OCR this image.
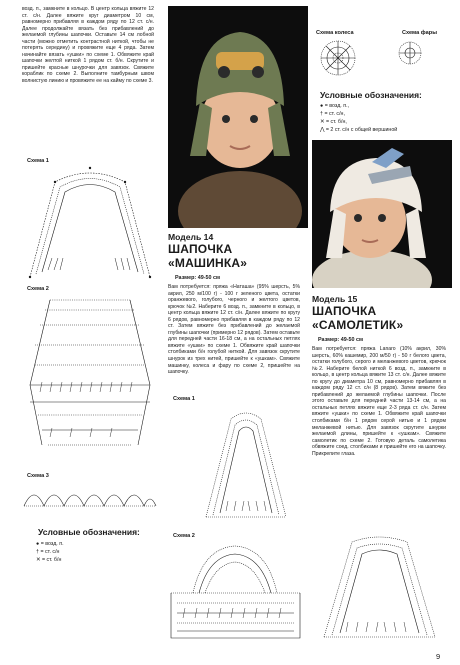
возд. п., замкните в кольцо. В центр кольца вяжите 12 ст. с/н. Далее вяжите круг диаметром 10 см, равномерно прибавляя в каждом ряду по 12 ст. с/н. Далее продолжайте вязать без прибавлений до желаемой глубины шапочки. Оставьте 14 см лобной части (можно отметить контрастной ниткой, чтобы не потерять середину) и провяжите еще 4 ряда. Затем начинайте вязать «ушки» по схеме 1. Обвяжите край шапочки желтой ниткой 1 рядом ст. б/н. Скрутите и пришейте красные шнурочки для завязок. Свяжите кораблик по схеме 2. Выполните тамбурным швом волнистую линию и провяжите ее на кайму по схеме 3.
Схема 1
Схема 2
Схема 3
Условные обозначения:
● = возд. п.
† = ст. с/н
✕ = ст. б/н
Модель 14
ШАПОЧКА
«МАШИНКА»
Размер: 49-50 см
Вам потребуется: пряжа «Наташа» (95% шерсть, 5% акрил, 250 м/100 г) - 100 г зеленого цвета, остатки оранжевого, голубого, черного и желтого цветов, крючок №2. Наберите 6 возд. п., замкните в кольцо, в центр кольца вяжите 12 ст. с/н. Далее вяжите по кругу 6 рядов, равномерно прибавляя в каждом ряду по 12 ст. Затем вяжите без прибавлений до желаемой глубины шапочки (примерно 12 рядов). Затем оставьте для передней части 16-18 см, а на остальных петлях вяжите «ушки» по схеме 1. Обвяжите край шапочки столбиками б/н голубой ниткой. Для завязок скрутите шнурок из трех нитей, пришейте к «ушкам». Свяжите машинку, колеса и фару по схеме 2, пришейте на шапочку.
Схема 1
Схема 2
Схема колеса	Схема фары
Условные обозначения:
● = возд. п.,
† = ст. с/н,
✕ = ст. б/н,
⋀ = 2 ст. с/н с общей вершиной
Модель 15
ШАПОЧКА
«САМОЛЕТИК»
Размер: 49-50 см
Вам потребуется: пряжа Lanaro (10% акрил, 30% шерсть, 60% кашемир, 200 м/50 г) - 50 г белого цвета, остатки голубого, серого и меланжевого цветов, крючок №2. Наберите белой ниткой 6 возд. п., замкните в кольцо, в центр кольца вяжите 13 ст. с/н. Далее вяжите по кругу до диаметра 10 см, равномерно прибавляя в каждом ряду 12 ст. с/н (8 рядов). Затем вяжите без прибавлений до желаемой глубины шапочки. После этого оставьте для передней части 13-14 см, а на остальных петлях вяжите еще 2-3 ряда ст. с/н. Затем вяжите «ушки» по схеме 1. Обвяжите край шапочки столбиками б/н 1 рядом серой нитью и 1 рядом меланжевой нитью. Для завязок скрутите шнурки желаемой длины, пришейте к «ушкам». Свяжите самолетик по схеме 2. Готовую деталь самолетика обвяжите соед. столбиками и пришейте его на шапочку. Прикрепите глаза.
9
